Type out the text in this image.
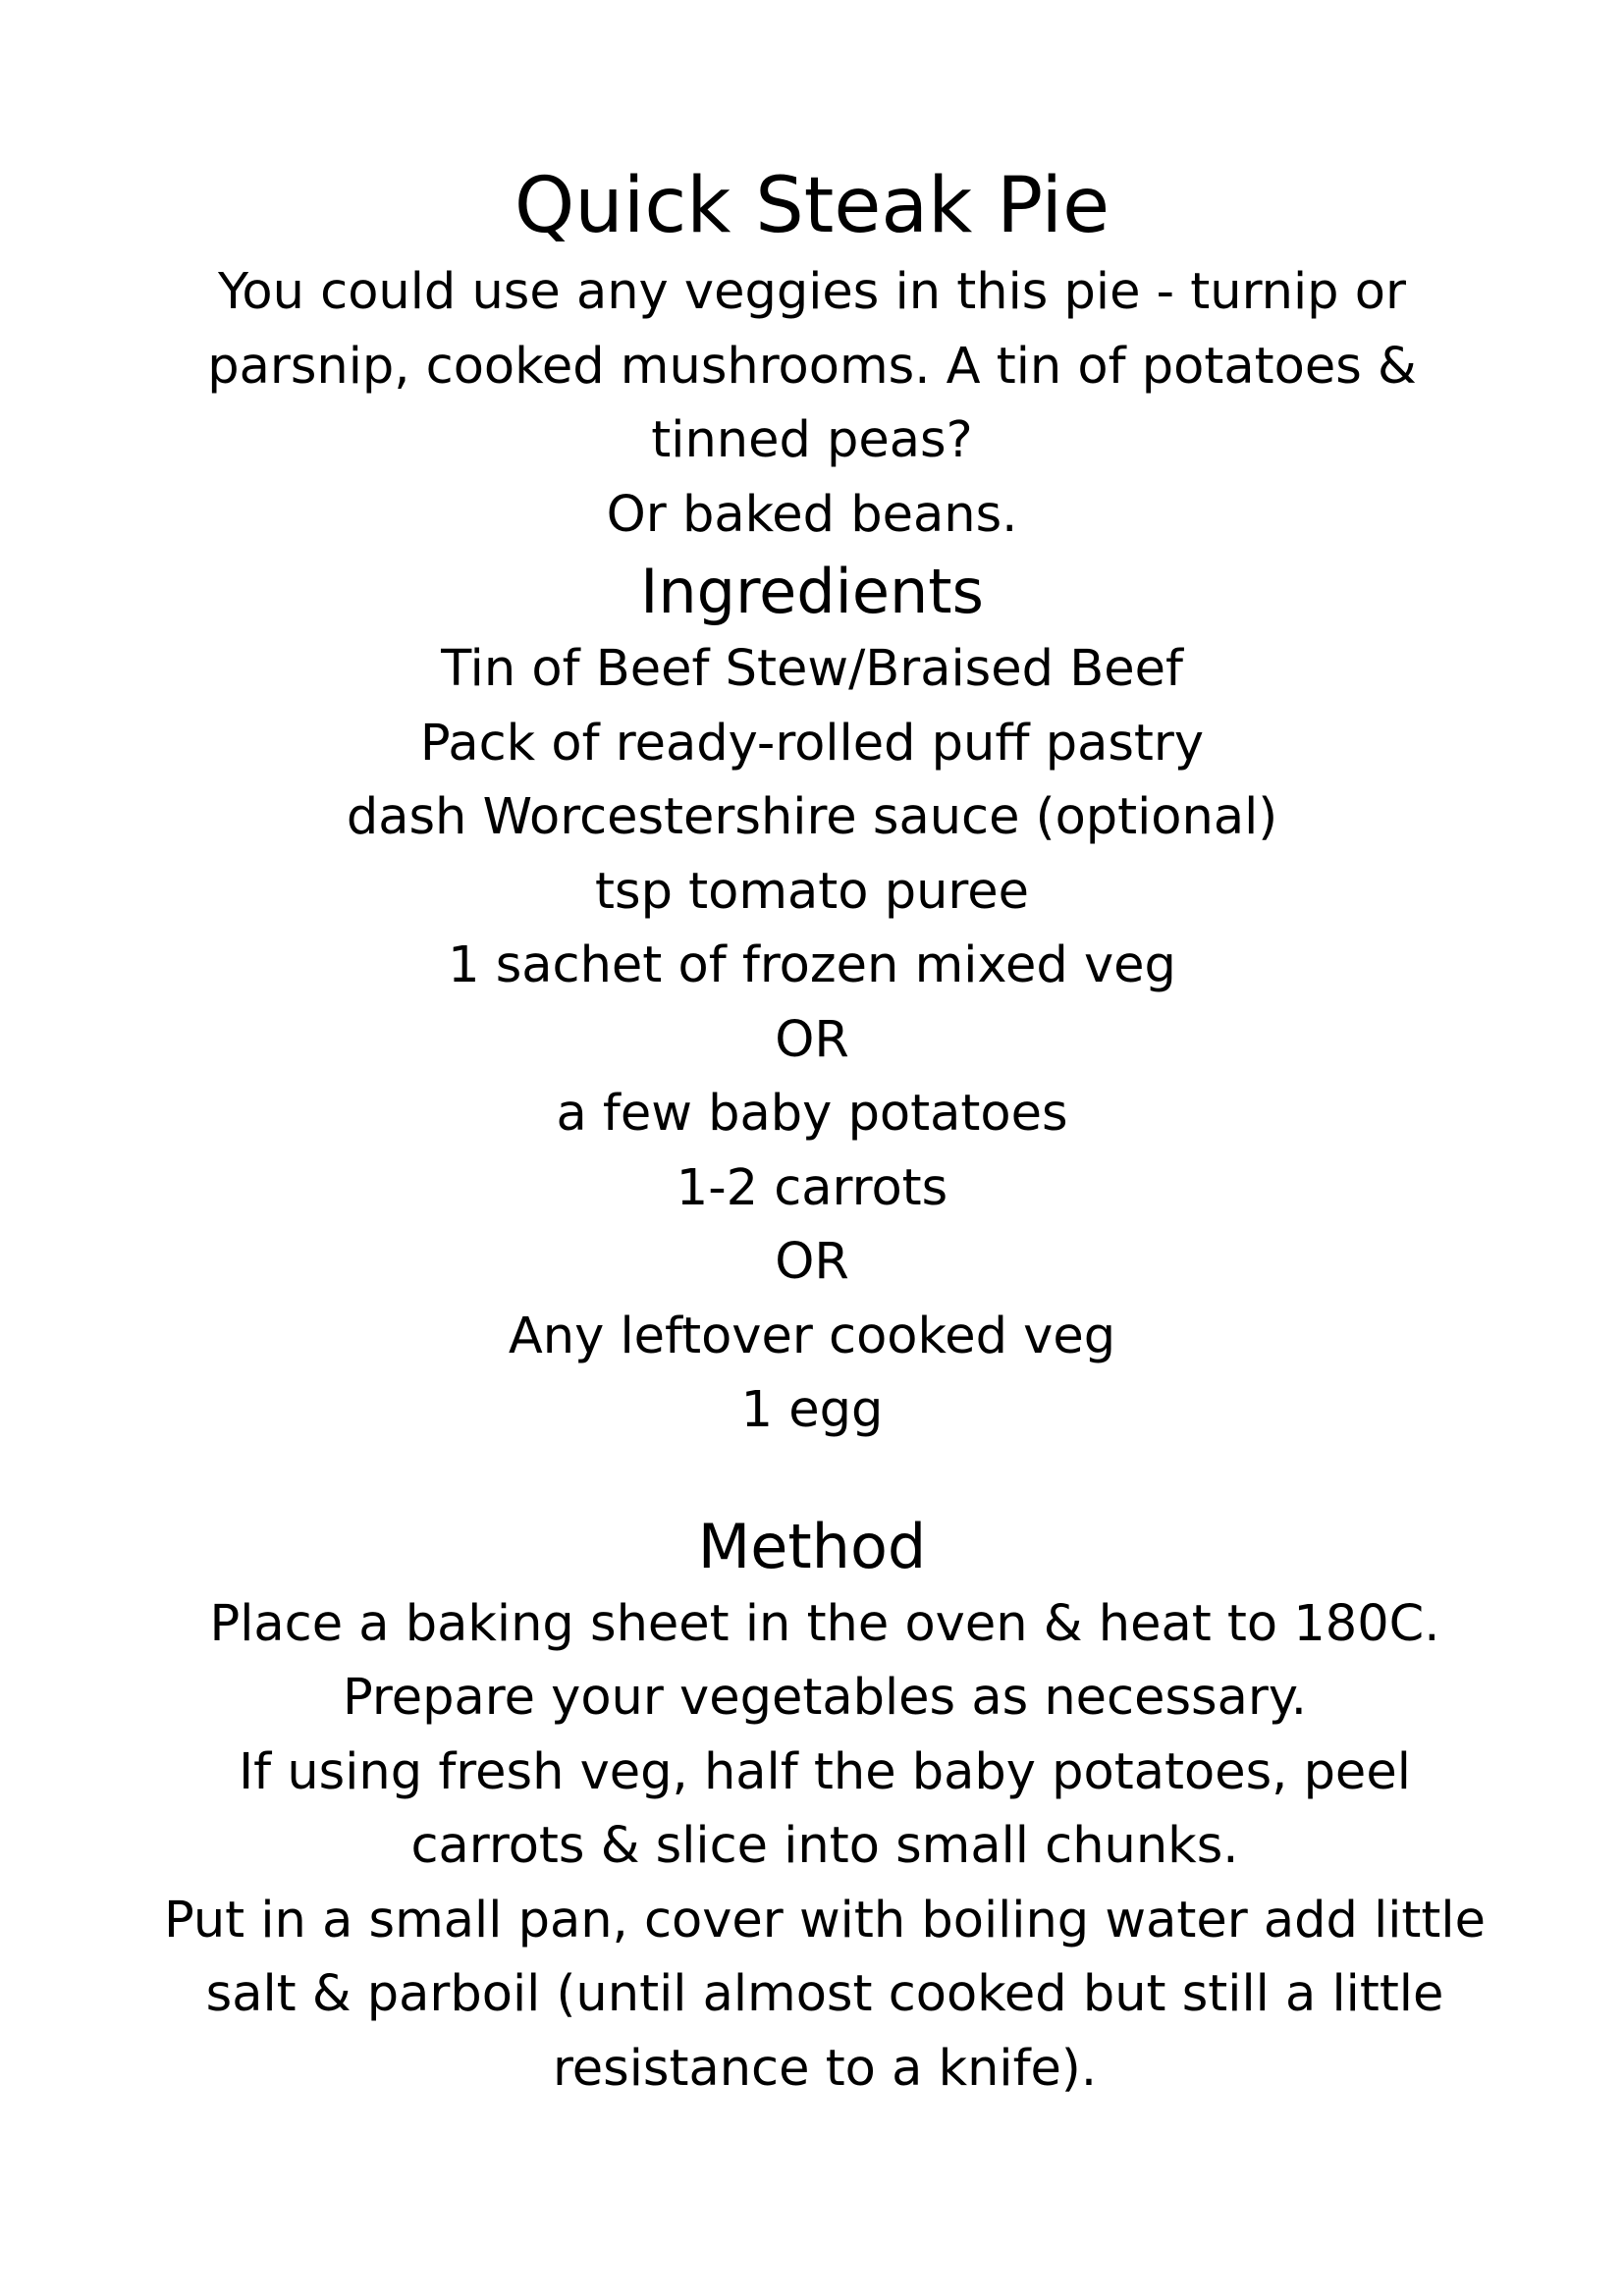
Quick Steak Pie

You could use any veggies in this pie - turnip or parsnip, cooked mushrooms. A tin of potatoes & tinned peas?

Or baked beans.

Ingredients
Tin of Beef Stew/Braised Beef
Pack of ready-rolled puff pastry
dash Worcestershire sauce (optional)
tsp tomato puree
1 sachet of frozen mixed veg
OR
a few baby potatoes
1-2 carrots
OR
Any leftover cooked veg
1 egg
Method

Place a baking sheet in the oven & heat to 180C.

Prepare your vegetables as necessary.

If using fresh veg, half the baby potatoes, peel carrots & slice into small chunks.

Put in a small pan, cover with boiling water add little salt & parboil (until almost cooked but still a little resistance to a knife).
